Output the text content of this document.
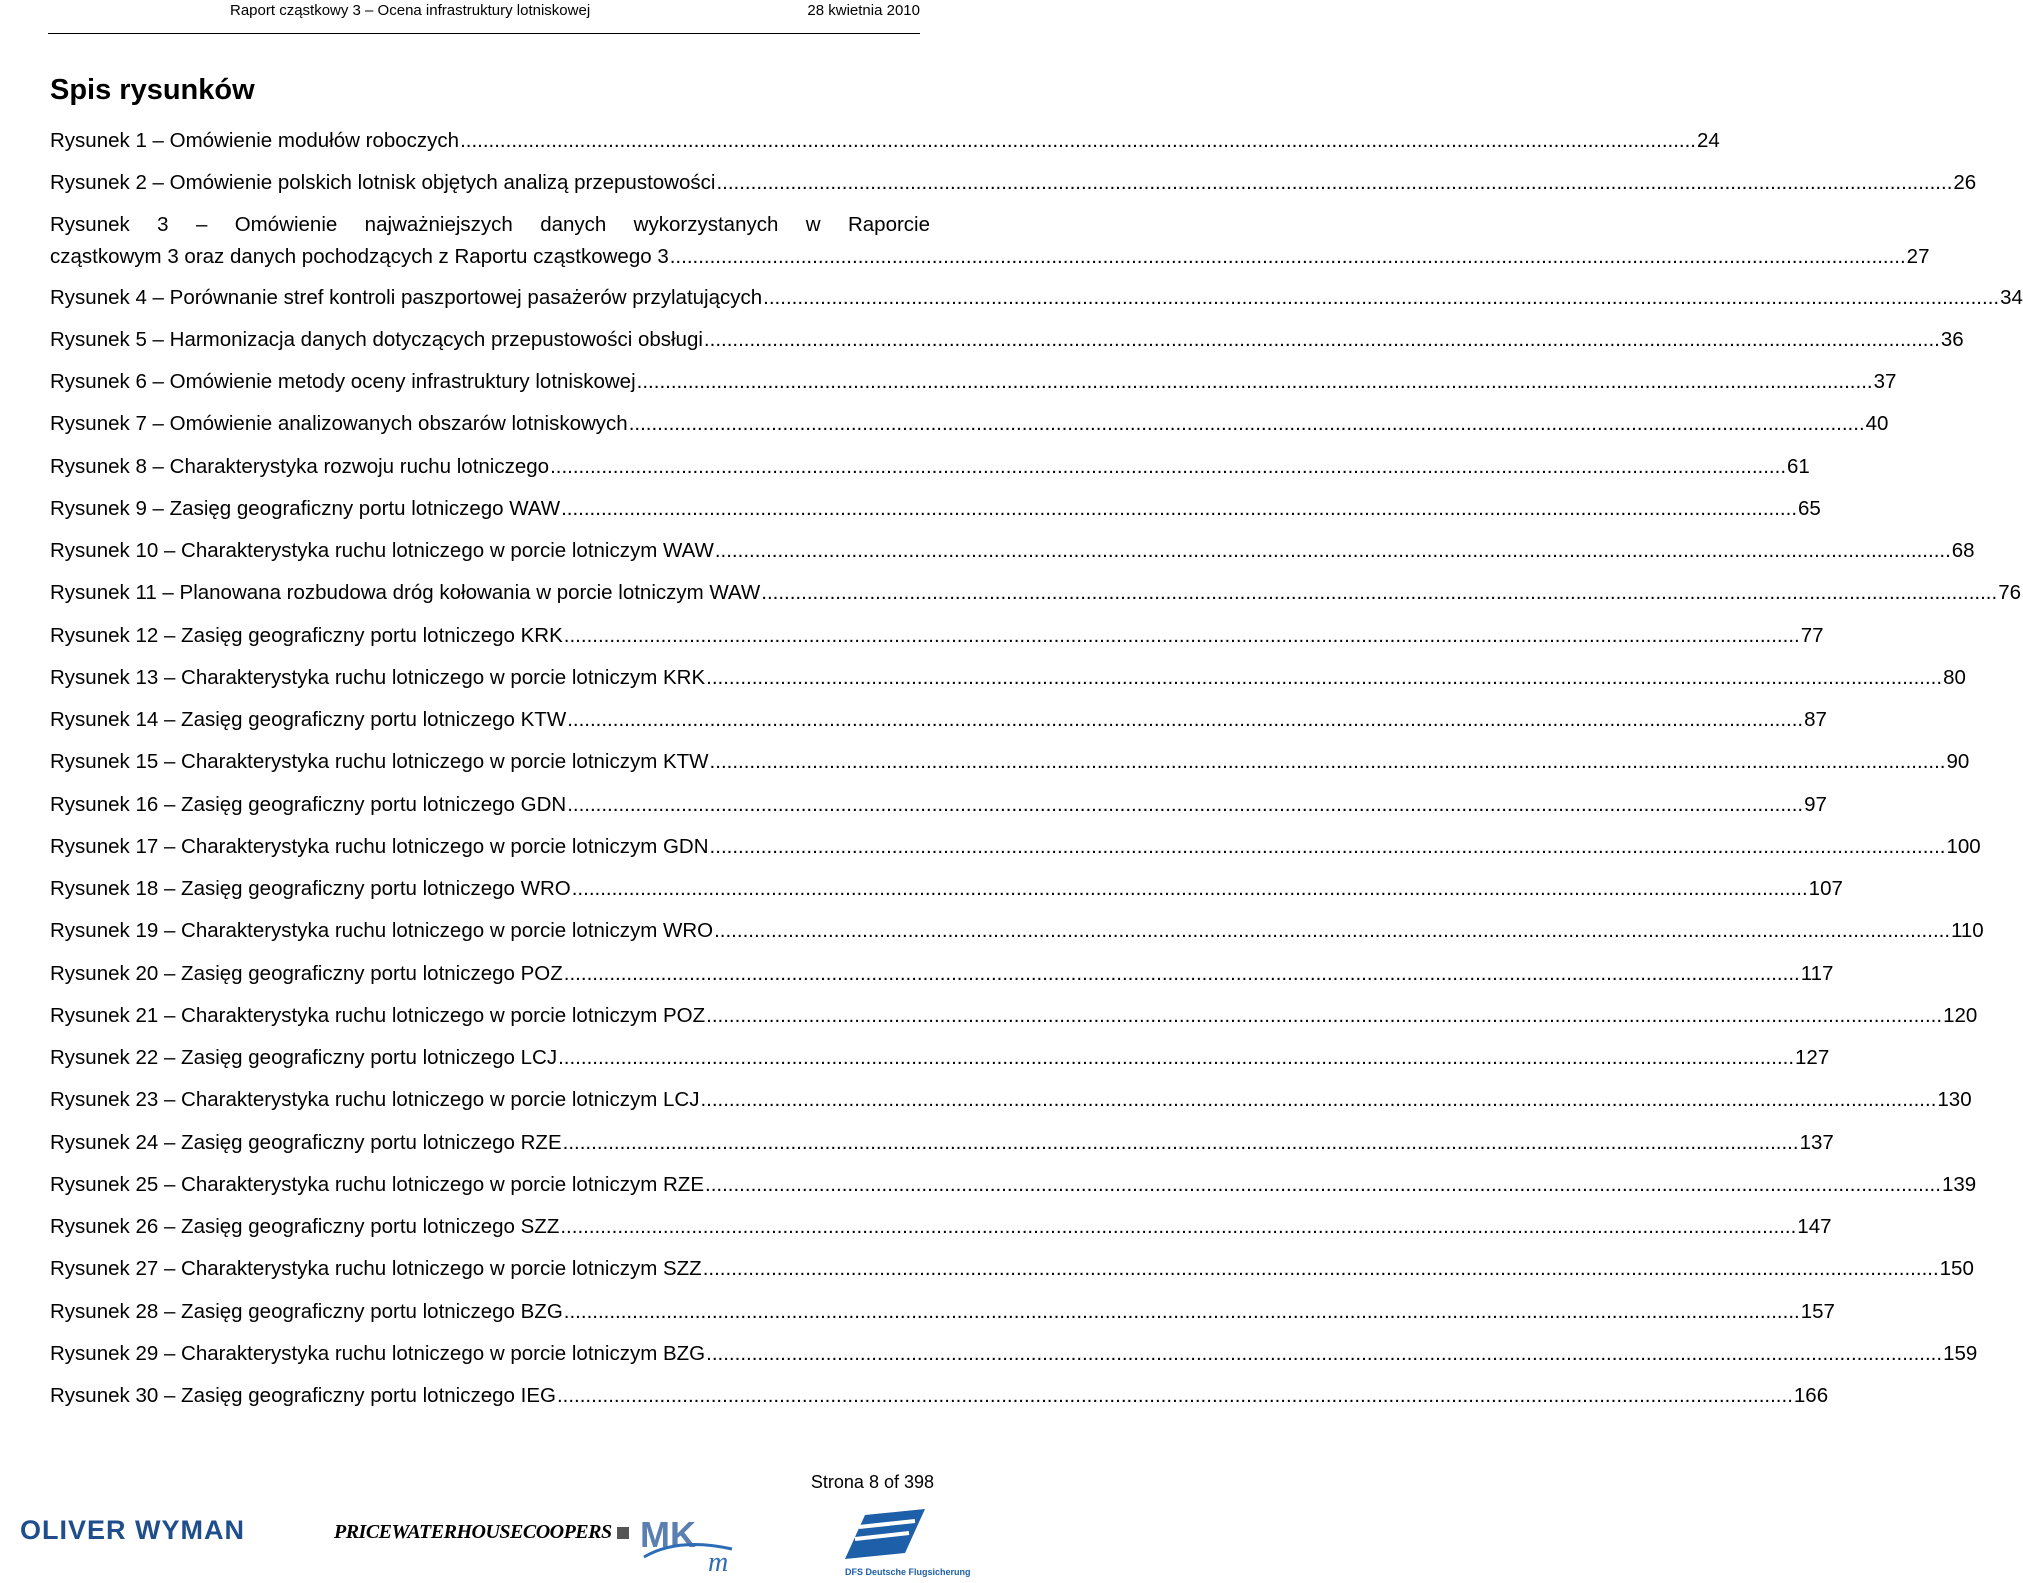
Raport cząstkowy 3 – Ocena infrastruktury lotniskowej	28 kwietnia 2010
Spis rysunków
Rysunek 1 – Omówienie modułów roboczych .....	24
Rysunek 2 – Omówienie polskich lotnisk objętych analizą przepustowości .....	26
Rysunek 3 – Omówienie najważniejszych danych wykorzystanych w Raporcie
cząstkowym 3 oraz danych pochodzących z Raportu cząstkowego 3 .....	27
Rysunek 4 – Porównanie stref kontroli paszportowej pasażerów przylatujących .....	34
Rysunek 5 – Harmonizacja danych dotyczących przepustowości obsługi .....	36
Rysunek 6 – Omówienie metody oceny infrastruktury lotniskowej .....	37
Rysunek 7 – Omówienie analizowanych obszarów lotniskowych .....	40
Rysunek 8 – Charakterystyka rozwoju ruchu lotniczego .....	61
Rysunek 9 – Zasięg geograficzny portu lotniczego WAW .....	65
Rysunek 10 – Charakterystyka ruchu lotniczego w porcie lotniczym WAW .....	68
Rysunek 11 – Planowana rozbudowa dróg kołowania w porcie lotniczym WAW .....	76
Rysunek 12 – Zasięg geograficzny portu lotniczego KRK .....	77
Rysunek 13 – Charakterystyka ruchu lotniczego w porcie lotniczym KRK .....	80
Rysunek 14 – Zasięg geograficzny portu lotniczego KTW .....	87
Rysunek 15 – Charakterystyka ruchu lotniczego w porcie lotniczym KTW .....	90
Rysunek 16 – Zasięg geograficzny portu lotniczego GDN .....	97
Rysunek 17 – Charakterystyka ruchu lotniczego w porcie lotniczym GDN .....	100
Rysunek 18 – Zasięg geograficzny portu lotniczego WRO .....	107
Rysunek 19 – Charakterystyka ruchu lotniczego w porcie lotniczym WRO .....	110
Rysunek 20 – Zasięg geograficzny portu lotniczego POZ .....	117
Rysunek 21 – Charakterystyka ruchu lotniczego w porcie lotniczym POZ .....	120
Rysunek 22 – Zasięg geograficzny portu lotniczego LCJ .....	127
Rysunek 23 – Charakterystyka ruchu lotniczego w porcie lotniczym LCJ .....	130
Rysunek 24 – Zasięg geograficzny portu lotniczego RZE .....	137
Rysunek 25 – Charakterystyka ruchu lotniczego w porcie lotniczym RZE .....	139
Rysunek 26 – Zasięg geograficzny portu lotniczego SZZ .....	147
Rysunek 27 – Charakterystyka ruchu lotniczego w porcie lotniczym SZZ .....	150
Rysunek 28 – Zasięg geograficzny portu lotniczego BZG .....	157
Rysunek 29 – Charakterystyka ruchu lotniczego w porcie lotniczym BZG .....	159
Rysunek 30 – Zasięg geograficzny portu lotniczego IEG .....	166
Strona 8 of 398
OLIVER WYMAN	PRICEWATERHOUSECOOPERS MK
m	DFS Deutsche Flugsicherung
